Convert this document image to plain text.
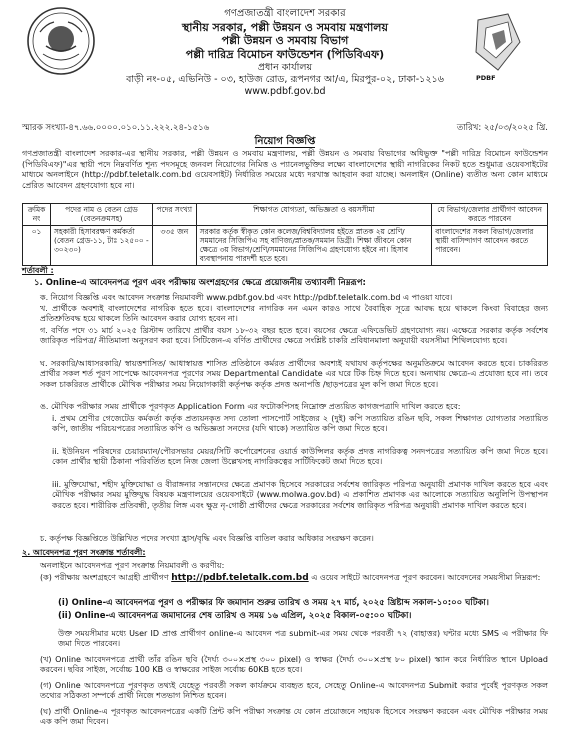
গণপ্রজাতন্ত্রী বাংলাদেশ সরকার
স্থানীয় সরকার, পল্লী উন্নয়ন ও সমবায় মন্ত্রণালয়
পল্লী উন্নয়ন ও সমবায় বিভাগ
পল্লী দারিদ্র বিমোচন ফাউন্ডেশন (পিডিবিএফ)
প্রধান কার্যালয়
বাড়ী নং-০৫, এভিনিউ - ০৩, হাউজ রোড, রূপনগর আ/এ, মিরপুর-০২, ঢাকা-১২১৬
www.pdbf.gov.bd
PDBF
স্মারক সংখ্যা-৪৭.৬৬.০০০০.০১০.১১.২২২.২৪-১৫১৬	তারিখ: ২৫/০৩/২০২৫ খ্রি.
নিয়োগ বিজ্ঞপ্তি
গণপ্রজাতন্ত্রী বাংলাদেশ সরকার-এর স্থানীয় সরকার, পল্লী উন্নয়ন ও সমবায় মন্ত্রণালয়, পল্লী উন্নয়ন ও সমবায় বিভাগের অধিভুক্ত "পল্লী দারিদ্র বিমোচন ফাউন্ডেশন (পিডিবিএফ)"এর স্থায়ী পদে নিম্নবর্ণিত শূন্য পদসমূহে জনবল নিয়োগের নিমিত্ত ও প্যানেলভুক্তির লক্ষ্যে বাংলাদেশের স্থায়ী নাগরিকের নিকট হতে শুধুমাত্র ওয়েবসাইটের মাধ্যমে অনলাইনে (http://pdbf.teletalk.com.bd ওয়েবসাইট) নির্ধারিত সময়ের মধ্যে দরখাস্ত আহবান করা যাচ্ছে। অনলাইন (Online) ব্যতীত অন্য কোন মাধ্যমে প্রেরিত আবেদন গ্রহণযোগ্য হবে না।
ক্রমিক নং	পদের নাম ও বেতন গ্রেড (বেতনক্রমসহ)	পদের সংখ্যা	শিক্ষাগত যোগ্যতা, অভিজ্ঞতা ও বয়সসীমা	যে বিভাগ/জেলার প্রার্থীগণ আবেদন করতে পারবেন
০১	সহকারী হিসাবরক্ষণ কর্মকর্তা (বেতন গ্রেড-১১, টাঃ ১২৫০০ - ৩০২৩০)	৩৩৫ জন	সরকার কর্তৃক স্বীকৃত কোন কলেজ/বিশ্ববিদ্যালয় হইতে স্নাতক ২য় শ্রেণি/সমমানের সিজিপিএ সহ বাণিজ্য/স্নাতক/সমমান ডিগ্রী। শিক্ষা জীবনে কোন ক্ষেত্রে ৩য় বিভাগ/শ্রেণি/সমমানের সিজিপিএ গ্রহণযোগ্য হইবে না। হিসাব ব্যবস্থাপনায় পারদর্শী হতে হবে।	বাংলাদেশের সকল বিভাগ/জেলার স্থায়ী বাসিন্দাগণ আবেদন করতে পারবেন।
শর্তাবলী :
১. Online-এ আবেদনপত্র পূরণ এবং পরীক্ষায় অংশগ্রহণের ক্ষেত্রে প্রয়োজনীয় তথ্যাবলী নিম্নরূপ:
ক. নিয়োগ বিজ্ঞপ্তি এবং আবেদন সংক্রান্ত নিয়মাবলী www.pdbf.gov.bd এবং http://pdbf.teletalk.com.bd এ পাওয়া যাবে।
খ. প্রার্থীকে অবশ্যই বাংলাদেশের নাগরিক হতে হবে। বাংলাদেশের নাগরিক নন এমন কারও সাথে বৈবাহিক সূত্রে আবদ্ধ হয়ে থাকলে কিংবা বিবাহের জন্য প্রতিশ্রুতিবদ্ধ হয়ে থাকলে তিনি আবেদন করার যোগ্য হবেন না।
গ. বর্ণিত পদে ৩১ মার্চ ২০২৫ খ্রিস্টাব্দ তারিখে প্রার্থীর বয়স ১৮-৩২ বছর হতে হবে। বয়সের ক্ষেত্রে এফিডেভিট গ্রহণযোগ্য নয়। এক্ষেত্রে সরকার কর্তৃক সর্বশেষ জারিকৃত পরিপত্র/ নীতিমালা অনুসরণ করা হবে। সিটিজেন-এ বর্ণিত প্রার্থীদের ক্ষেত্রে সংশ্লিষ্ট চাকরি প্রবিধানমালা অনুযায়ী বয়সসীমা শিথিলযোগ্য হবে।
ঘ. সরকারি/আধাসরকারি/ স্বায়ত্তশাসিত/ আধাস্বায়ত্ত শাসিত প্রতিষ্ঠানে কর্মরত প্রার্থীদের অবশ্যই যথাযথ কর্তৃপক্ষের অনুমতিক্রমে আবেদন করতে হবে। চাকরিরত প্রার্থীর সকল শর্ত পূরণ সাপেক্ষে আবেদনপত্র পূরণের সময় Departmental Candidate এর ঘরে টিক চিহ্ন দিতে হবে। অন্যথায় ক্ষেত্রে-এ প্রযোজ্য হবে না। তবে সকল চাকরিরত প্রার্থীকে মৌখিক পরীক্ষার সময় নিয়োগকারী কর্তৃপক্ষ কর্তৃক প্রদত্ত অনাপত্তি /ছাড়পত্রের মূল কপি জমা দিতে হবে।
ঙ. মৌখিক পরীক্ষার সময় প্রার্থীকে পূরণকৃত Application Form এর ফটোকপিসহ নিম্নোক্ত প্রত্যয়িত কাগজপত্রাদি দাখিল করতে হবে:
i. প্রথম শ্রেণীর গেজেটেড কর্মকর্তা কর্তৃক প্রত্যয়নকৃত সদ্য তোলা পাসপোর্ট সাইজের ২ (দুই) কপি সত্যায়িত রঙিন ছবি, সকল শিক্ষাগত যোগ্যতার সত্যায়িত কপি, জাতীয় পরিচয়পত্রের সত্যায়িত কপি ও অভিজ্ঞতা সনদের (যদি থাকে) সত্যায়িত কপি জমা দিতে হবে।
ii. ইউনিয়ন পরিষদের চেয়ারম্যান/পৌরসভার মেয়র/সিটি কর্পোরেশনের ওয়ার্ড কাউন্সিলর কর্তৃক প্রদত্ত নাগরিকত্ব সনদপত্রের সত্যায়িত কপি জমা দিতে হবে। কোন প্রার্থীর স্থায়ী ঠিকানা পরিবর্তিত হলে নিজ জেলা উল্লেখসহ নাগরিকত্বের সার্টিফিকেট জমা দিতে হবে।
iii. মুক্তিযোদ্ধা, শহীদ মুক্তিযোদ্ধা ও বীরাঙ্গনার সন্তানদের ক্ষেত্রে প্রমাণক হিসেবে সরকারের সর্বশেষ জারিকৃত পরিপত্র অনুযায়ী প্রমাণক দাখিল করতে হবে এবং মৌখিক পরীক্ষার সময় মুক্তিযুদ্ধ বিষয়ক মন্ত্রণালয়ের ওয়েবসাইটে (www.molwa.gov.bd) এ প্রকাশিত প্রমাণক এর আলোকে সত্যায়িত অনুলিপি উপস্থাপন করতে হবে। শারীরিক প্রতিবন্ধী, তৃতীয় লিঙ্গ এবং ক্ষুদ্র নৃ-গোষ্ঠী প্রার্থীদের ক্ষেত্রে সরকারের সর্বশেষ জারিকৃত পরিপত্র অনুযায়ী প্রমাণক দাখিল করতে হবে।
চ. কর্তৃপক্ষ বিজ্ঞপ্তিতে উল্লিখিত পদের সংখ্যা হ্রাস/বৃদ্ধি এবং বিজ্ঞপ্তি বাতিল করার অধিকার সংরক্ষণ করেন।
২. আবেদনপত্র পূরণ সংক্রান্ত শর্তাবলী:
অনলাইনে আবেদনপত্র পূরণ সংক্রান্ত নিয়মাবলী ও করণীয়:
(ক) পরীক্ষায় অংশগ্রহণে আগ্রহী প্রার্থীগণ http://pdbf.teletalk.com.bd এ ওয়েব সাইটে আবেদনপত্র পূরণ করবেন। আবেদনের সময়সীমা নিম্নরূপ:
(i) Online-এ আবেদনপত্র পূরণ ও পরীক্ষার ফি জমাদান শুরুর তারিখ ও সময় ২৭ মার্চ, ২০২৫ খ্রিষ্টাব্দ সকাল-১০:০০ ঘটিকা।
(ii) Online-এ আবেদনপত্র জমাদানের শেষ তারিখ ও সময় ১৬ এপ্রিল, ২০২৫ বিকাল-০৫:০০ ঘটিকা।
উক্ত সময়সীমার মধ্যে User ID প্রাপ্ত প্রার্থীগণ online-এ আবেদন পত্র submit-এর সময় থেকে পরবর্তী ৭২ (বাহাত্তর) ঘন্টার মধ্যে SMS এ পরীক্ষার ফি জমা দিতে পারবেন।
(খ) Online আবেদনপত্রে প্রার্থী তাঁর রঙিন ছবি (দৈর্ঘ্য ৩০০×প্রস্থ ৩০০ pixel) ও স্বাক্ষর (দৈর্ঘ্য ৩০০×প্রস্থ ৮০ pixel) স্ক্যান করে নির্ধারিত স্থানে Upload করবেন। ছবির সাইজ, সর্বোচ্চ 100 KB ও স্বাক্ষরের সাইজ সর্বোচ্চ 60KB হতে হবে।
(গ) Online আবেদনপত্রে পূরণকৃত তথ্যই যেহেতু পরবর্তী সকল কার্যক্রমে ব্যবহৃত হবে, সেহেতু Online-এ আবেদনপত্র Submit করার পূর্বেই পূরণকৃত সকল তথ্যের সঠিকতা সম্পর্কে প্রার্থী নিজে শতভাগ নিশ্চিত হবেন।
(ঘ) প্রার্থী Online-এ পূরণকৃত আবেদনপত্রের একটি প্রিন্ট কপি পরীক্ষা সংক্রান্ত যে কোন প্রয়োজনে সহায়ক হিসেবে সংরক্ষণ করবেন এবং মৌখিক পরীক্ষার সময় এক কপি জমা দিবেন।
